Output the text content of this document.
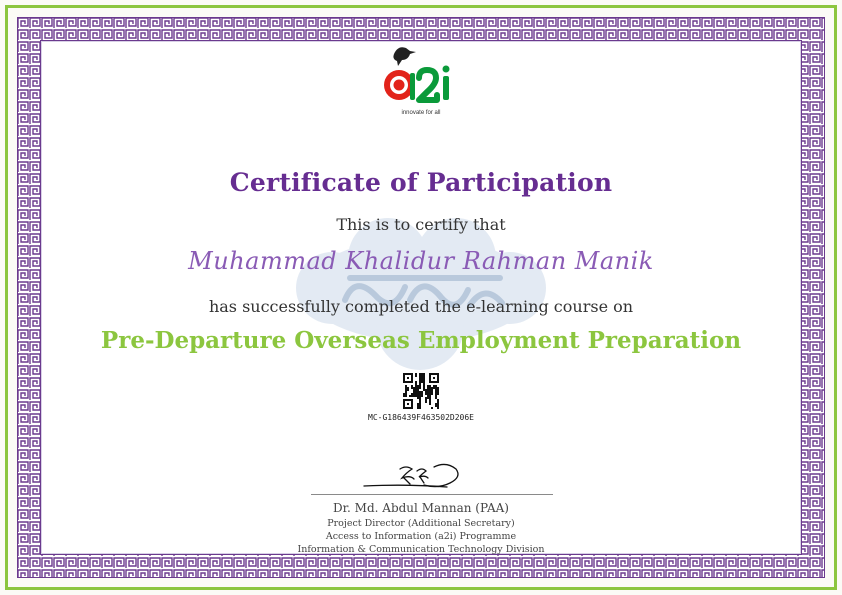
innovate for all
Certificate of Participation
This is to certify that
Muhammad Khalidur Rahman Manik
has successfully completed the e-learning course on
Pre-Departure Overseas Employment Preparation
MC-G186439F463502D206E
Dr. Md. Abdul Mannan (PAA)
Project Director (Additional Secretary)
Access to Information (a2i) Programme
Information & Communication Technology Division
